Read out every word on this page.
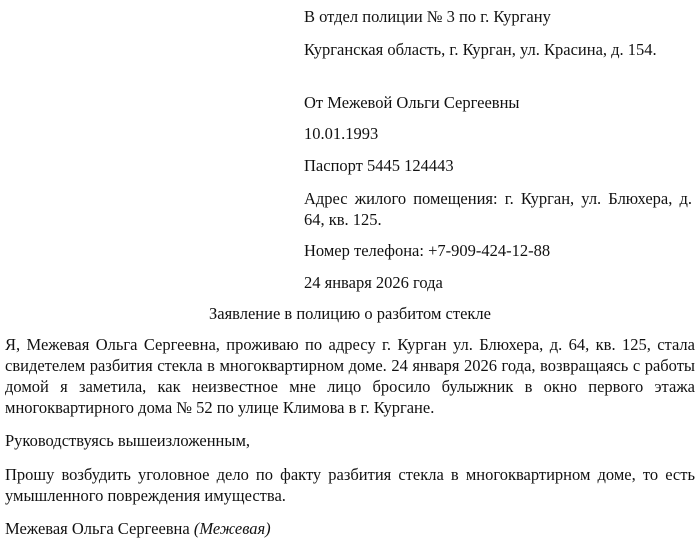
В отдел полиции № 3 по г. Кургану
Курганская область, г. Курган, ул. Красина, д. 154.
От Межевой Ольги Сергеевны
10.01.1993
Паспорт 5445 124443
Адрес жилого помещения: г. Курган, ул. Блюхера, д. 64, кв. 125.
Номер телефона: +7-909-424-12-88
24 января 2026 года
Заявление в полицию о разбитом стекле

Я, Межевая Ольга Сергеевна, проживаю по адресу г. Курган ул. Блюхера, д. 64, кв. 125, стала свидетелем разбития стекла в многоквартирном доме. 24 января 2026 года, возвращаясь с работы домой я заметила, как неизвестное мне лицо бросило булыжник в окно первого этажа многоквартирного дома № 52 по улице Климова в г. Кургане.

Руководствуясь вышеизложенным,

Прошу возбудить уголовное дело по факту разбития стекла в многоквартирном доме, то есть умышленного повреждения имущества.

Межевая Ольга Сергеевна (Межевая)
